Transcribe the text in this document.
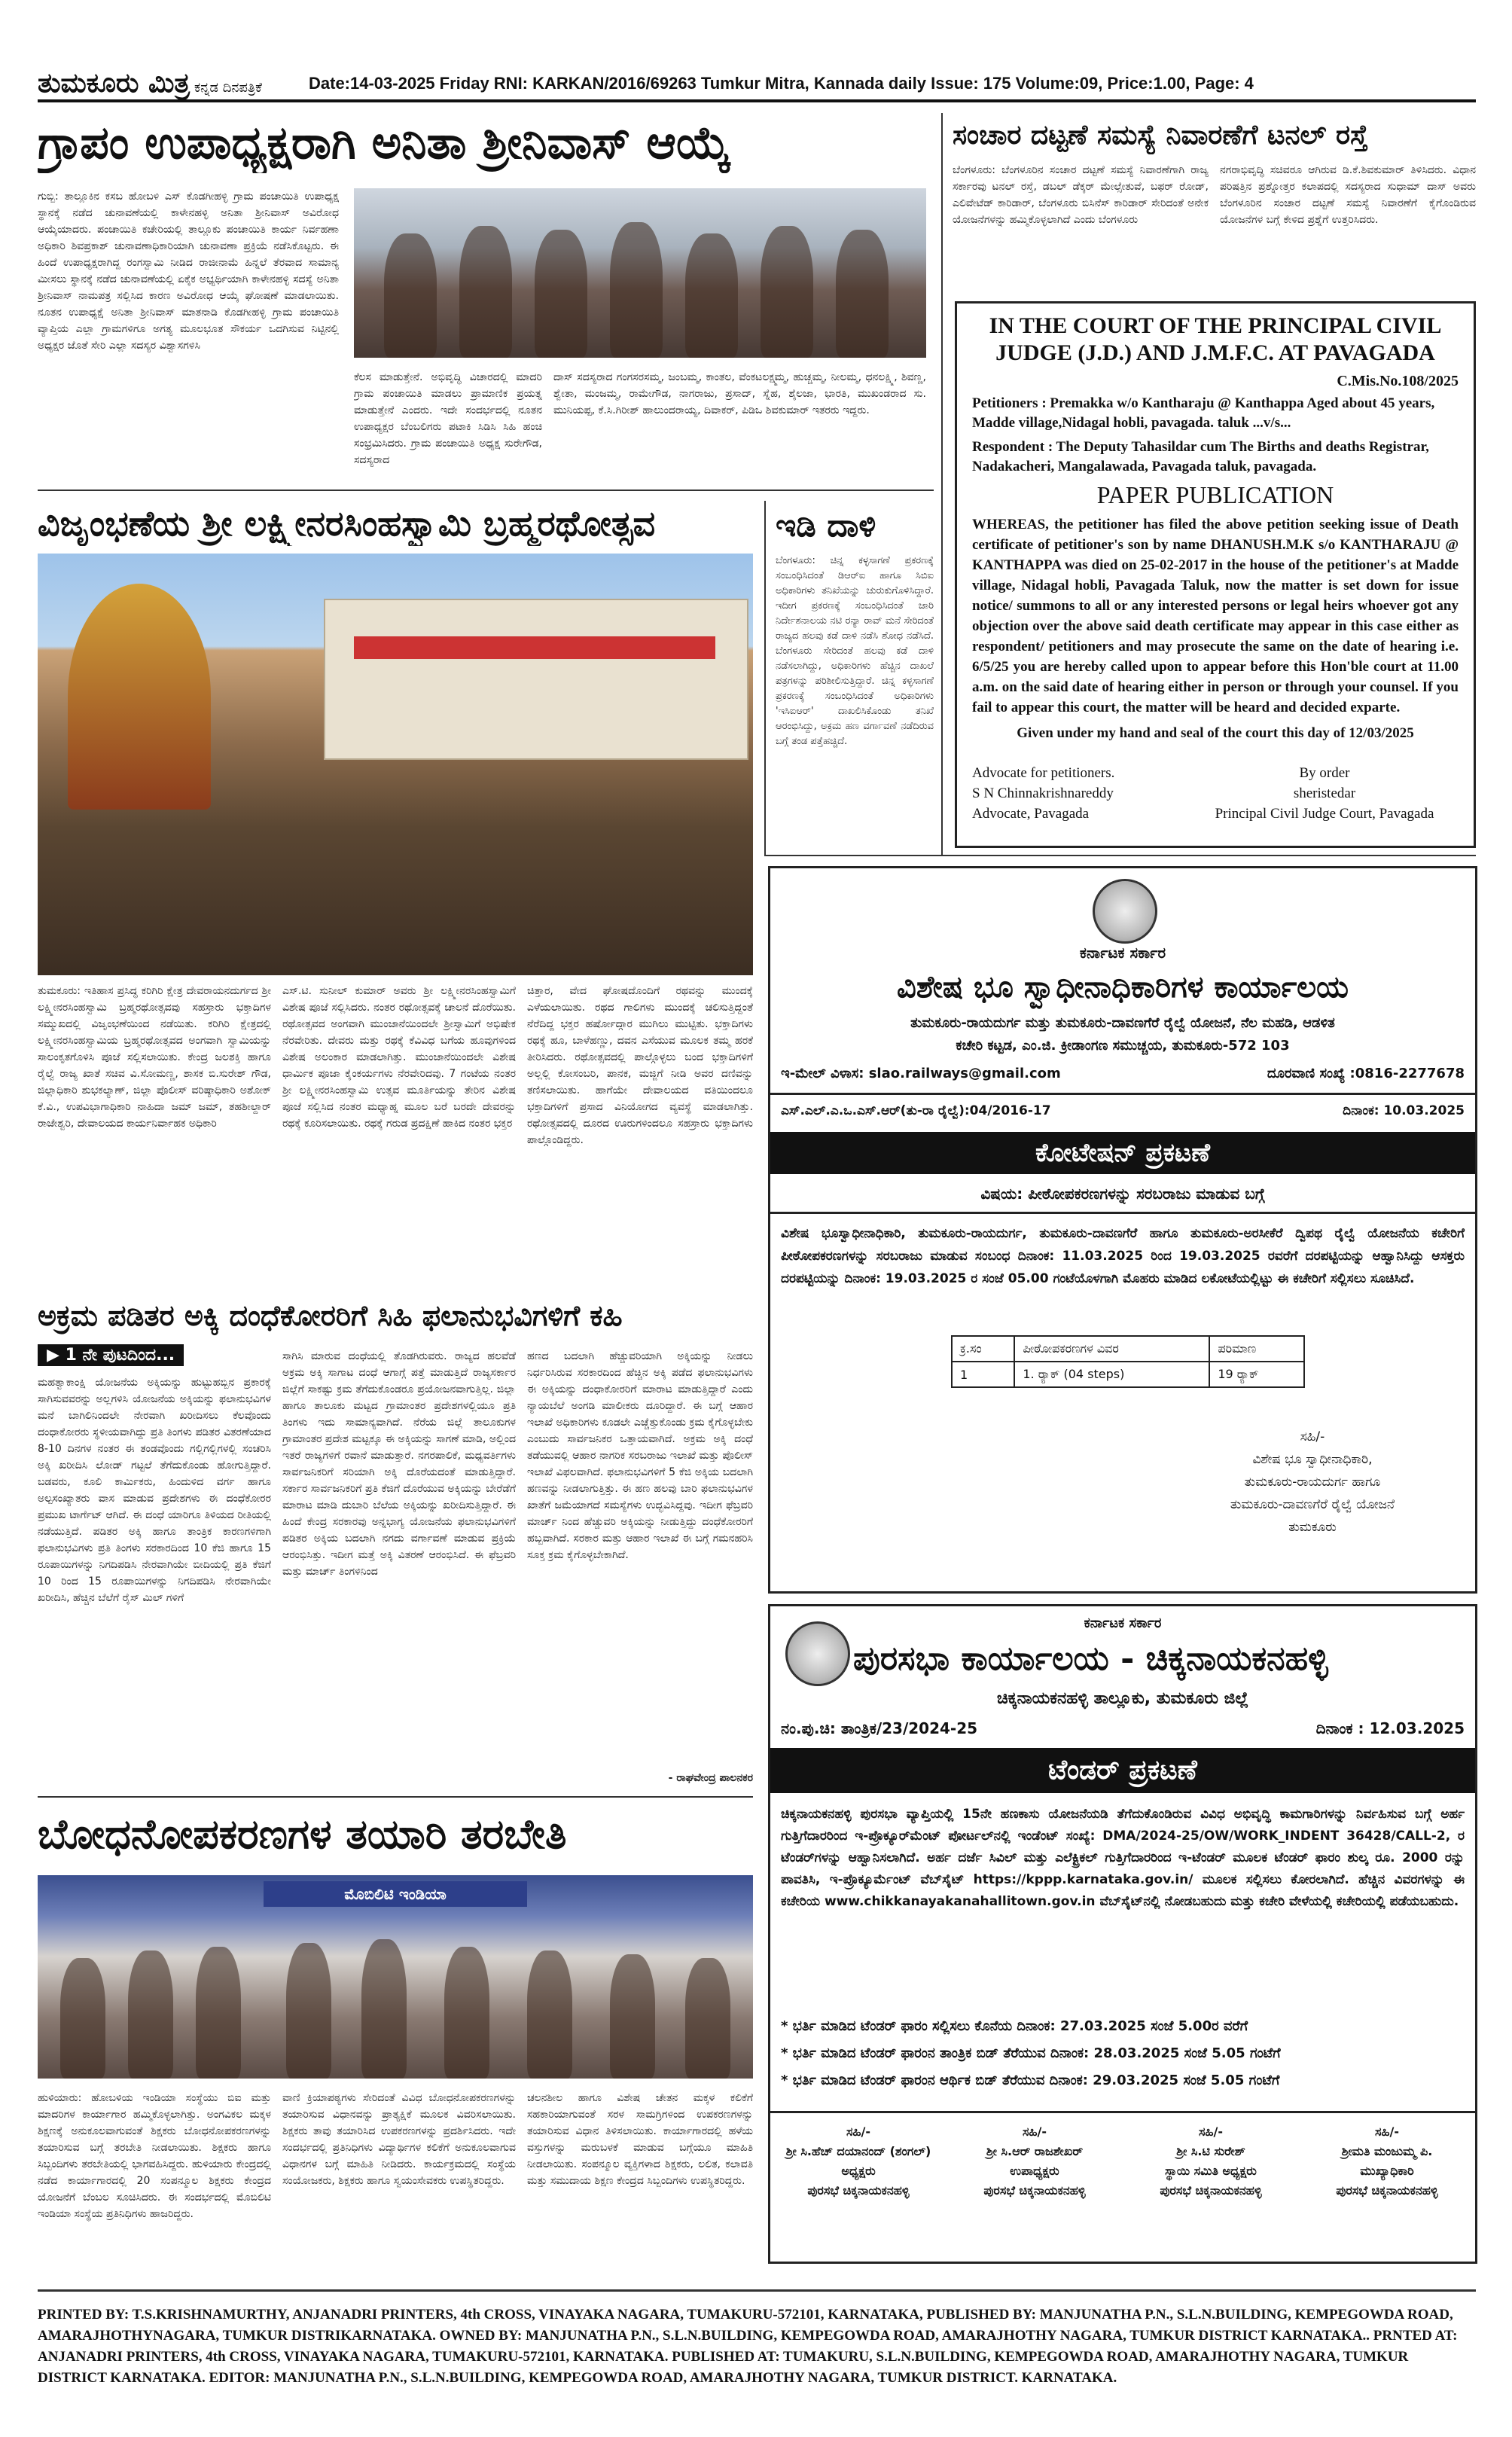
ತುಮಕೂರು ಮಿತ್ರ ಕನ್ನಡ ದಿನಪತ್ರಿಕೆ	Date:14-03-2025 Friday RNI: KARKAN/2016/69263 Tumkur Mitra, Kannada daily Issue: 175 Volume:09, Price:1.00, Page: 4
ಗ್ರಾಪಂ ಉಪಾಧ್ಯಕ್ಷರಾಗಿ ಅನಿತಾ ಶ್ರೀನಿವಾಸ್ ಆಯ್ಕೆ
ಗುಬ್ಬಿ: ತಾಲ್ಲೂಕಿನ ಕಸಬ ಹೋಬಳಿ ಎಸ್ ಕೊಡಗೀಹಳ್ಳಿ ಗ್ರಾಮ ಪಂಚಾಯಿತಿ ಉಪಾಧ್ಯಕ್ಷ ಸ್ಥಾನಕ್ಕೆ ನಡೆದ ಚುನಾವಣೆಯಲ್ಲಿ ಕಾಳೇನಹಳ್ಳಿ ಅನಿತಾ ಶ್ರೀನಿವಾಸ್ ಅವಿರೋಧ ಆಯ್ಕೆಯಾದರು. ಪಂಚಾಯಿತಿ ಕಚೇರಿಯಲ್ಲಿ ತಾಲ್ಲೂಕು ಪಂಚಾಯಿತಿ ಕಾರ್ಯ ನಿರ್ವಹಣಾ ಅಧಿಕಾರಿ ಶಿವಪ್ರಕಾಶ್ ಚುನಾವಣಾಧಿಕಾರಿಯಾಗಿ ಚುನಾವಣಾ ಪ್ರಕ್ರಿಯೆ ನಡೆಸಿಕೊಟ್ಟರು. ಈ ಹಿಂದೆ ಉಪಾಧ್ಯಕ್ಷರಾಗಿದ್ದ ರಂಗಸ್ವಾಮಿ ನೀಡಿದ ರಾಜೀನಾಮೆ ಹಿನ್ನಲೆ ತೆರವಾದ ಸಾಮಾನ್ಯ ಮೀಸಲು ಸ್ಥಾನಕ್ಕೆ ನಡೆದ ಚುನಾವಣೆಯಲ್ಲಿ ಏಕೈಕ ಅಭ್ಯರ್ಥಿಯಾಗಿ ಕಾಳೇನಹಳ್ಳಿ ಸದಸ್ಯೆ ಅನಿತಾ ಶ್ರೀನಿವಾಸ್ ನಾಮಪತ್ರ ಸಲ್ಲಿಸಿದ ಕಾರಣ ಅವಿರೋಧ ಆಯ್ಕೆ ಘೋಷಣೆ ಮಾಡಲಾಯಿತು. ನೂತನ ಉಪಾಧ್ಯಕ್ಷೆ ಅನಿತಾ ಶ್ರೀನಿವಾಸ್ ಮಾತನಾಡಿ ಕೊಡಗೀಹಳ್ಳಿ ಗ್ರಾಮ ಪಂಚಾಯಿತಿ ವ್ಯಾಪ್ತಿಯ ಎಲ್ಲಾ ಗ್ರಾಮಗಳಿಗೂ ಅಗತ್ಯ ಮೂಲಭೂತ ಸೌಕರ್ಯ ಒದಗಿಸುವ ನಿಟ್ಟಿನಲ್ಲಿ ಅಧ್ಯಕ್ಷರ ಜೊತೆ ಸೇರಿ ಎಲ್ಲಾ ಸದಸ್ಯರ ವಿಶ್ವಾಸಗಳಿಸಿ
ಕೆಲಸ ಮಾಡುತ್ತೇನೆ. ಅಭಿವೃದ್ಧಿ ವಿಚಾರದಲ್ಲಿ ಮಾದರಿ ಗ್ರಾಮ ಪಂಚಾಯಿತಿ ಮಾಡಲು ಪ್ರಾಮಾಣಿಕ ಪ್ರಯತ್ನ ಮಾಡುತ್ತೇನೆ ಎಂದರು. ಇದೇ ಸಂದರ್ಭದಲ್ಲಿ ನೂತನ ಉಪಾಧ್ಯಕ್ಷರ ಬೆಂಬಲಿಗರು ಪಟಾಕಿ ಸಿಡಿಸಿ ಸಿಹಿ ಹಂಚಿ ಸಂಭ್ರಮಿಸಿದರು. ಗ್ರಾಮ ಪಂಚಾಯಿತಿ ಅಧ್ಯಕ್ಷ ಸುರೇಗೌಡ, ಸದಸ್ಯರಾದ
ದಾಸ್ ಸದಸ್ಯರಾದ ಗಂಗಸರಸಮ್ಮ, ಜಂಬಮ್ಮ, ಕಾಂತಲ, ವೆಂಕಟಲಕ್ಷ್ಮಮ್ಮ, ಹುಚ್ಚಮ್ಮ, ನೀಲಮ್ಮ, ಧನಲಕ್ಷ್ಮಿ, ಶಿವಣ್ಣ, ಶ್ವೇತಾ, ಮಂಜಮ್ಮ, ರಾಮೇಗೌಡ, ನಾಗರಾಜು, ಪ್ರಸಾದ್, ಸ್ನೆಹ, ಶೈಲಜಾ, ಭಾರತಿ, ಮುಖಂಡರಾದ ಸು. ಮುನಿಯಪ್ಪ, ಕೆ.ಸಿ.ಗಿರೀಶ್ ಹಾಲುಂದರಾಯ್ಯ, ದಿವಾಕರ್, ಪಿಡಿಒ ಶಿವಕುಮಾರ್ ಇತರರು ಇದ್ದರು.
ಸಂಚಾರ ದಟ್ಟಣೆ ಸಮಸ್ಯೆ ನಿವಾರಣೆಗೆ ಟನಲ್ ರಸ್ತೆ
ಬೆಂಗಳೂರು: ಬೆಂಗಳೂರಿನ ಸಂಚಾರ ದಟ್ಟಣೆ ಸಮಸ್ಯೆ ನಿವಾರಣೆಗಾಗಿ ರಾಜ್ಯ ಸರ್ಕಾರವು ಟನಲ್ ರಸ್ತೆ, ಡಬಲ್ ಡೆಕ್ಕರ್ ಮೇಲ್ಸೇತುವೆ, ಬಫರ್ ರೋಡ್, ಎಲಿವೇಟೆಡ್ ಕಾರಿಡಾರ್, ಬೆಂಗಳೂರು ಬಿಸಿನೆಸ್ ಕಾರಿಡಾರ್ ಸೇರಿದಂತೆ ಅನೇಕ ಯೋಜನೆಗಳನ್ನು ಹಮ್ಮಿಕೊಳ್ಳಲಾಗಿದೆ ಎಂದು ಬೆಂಗಳೂರು
ನಗರಾಭಿವೃದ್ಧಿ ಸಚಿವರೂ ಆಗಿರುವ ಡಿ.ಕೆ.ಶಿವಕುಮಾರ್ ತಿಳಿಸಿದರು. ವಿಧಾನ ಪರಿಷತ್ತಿನ ಪ್ರಶ್ನೋತ್ತರ ಕಲಾಪದಲ್ಲಿ ಸದಸ್ಯರಾದ ಸುಧಾಮ್ ದಾಸ್ ಅವರು ಬೆಂಗಳೂರಿನ ಸಂಚಾರ ದಟ್ಟಣೆ ಸಮಸ್ಯೆ ನಿವಾರಣೆಗೆ ಕೈಗೊಂಡಿರುವ ಯೋಜನೆಗಳ ಬಗ್ಗೆ ಕೇಳಿದ ಪ್ರಶ್ನೆಗೆ ಉತ್ತರಿಸಿದರು.
IN THE COURT OF THE PRINCIPAL CIVIL JUDGE (J.D.) AND J.M.F.C. AT PAVAGADA
C.Mis.No.108/2025
Petitioners : Premakka w/o Kantharaju @ Kanthappa Aged about 45 years, Madde village,Nidagal hobli, pavagada. taluk ...v/s...
Respondent : The Deputy Tahasildar cum The Births and deaths Registrar, Nadakacheri, Mangalawada, Pavagada taluk, pavagada.
PAPER PUBLICATION
WHEREAS, the petitioner has filed the above petition seeking issue of Death certificate of petitioner's son by name DHANUSH.M.K s/o KANTHARAJU @ KANTHAPPA was died on 25-02-2017 in the house of the petitioner's at Madde village, Nidagal hobli, Pavagada Taluk, now the matter is set down for issue notice/ summons to all or any interested persons or legal heirs whoever got any objection over the above said death certificate may appear in this case either as respondent/ petitioners and may prosecute the same on the date of hearing i.e. 6/5/25 you are hereby called upon to appear before this Hon'ble court at 11.00 a.m. on the said date of hearing either in person or through your counsel. If you fail to appear this court, the matter will be heard and decided exparte.
Given under my hand and seal of the court this day of 12/03/2025
Advocate for petitioners.
S N Chinnakrishnareddy
Advocate, Pavagada
By order
sheristedar
Principal Civil Judge Court, Pavagada
ವಿಜೃಂಭಣೆಯ ಶ್ರೀ ಲಕ್ಷ್ಮೀನರಸಿಂಹಸ್ವಾಮಿ ಬ್ರಹ್ಮರಥೋತ್ಸವ
ತುಮಕೂರು: ಇತಿಹಾಸ ಪ್ರಸಿದ್ಧ ಕರಿಗಿರಿ ಕ್ಷೇತ್ರ ದೇವರಾಯನದುರ್ಗದ ಶ್ರೀ ಲಕ್ಷ್ಮೀನರಸಿಂಹಸ್ವಾಮಿ ಬ್ರಹ್ಮರಥೋತ್ಸವವು ಸಹಸ್ರಾರು ಭಕ್ತಾದಿಗಳ ಸಮ್ಮುಖದಲ್ಲಿ ವಿಜೃಂಭಣೆಯಿಂದ ನಡೆಯಿತು. ಕರಿಗಿರಿ ಕ್ಷೇತ್ರದಲ್ಲಿ ಲಕ್ಷ್ಮೀನರಸಿಂಹಸ್ವಾಮಿಯ ಬ್ರಹ್ಮರಥೋತ್ಸವದ ಅಂಗವಾಗಿ ಸ್ವಾಮಿಯನ್ನು ಸಾಲಂಕೃತಗೊಳಿಸಿ ಪೂಜೆ ಸಲ್ಲಿಸಲಾಯಿತು. ಕೇಂದ್ರ ಜಲಶಕ್ತಿ ಹಾಗೂ ರೈಲ್ವೆ ರಾಜ್ಯ ಖಾತೆ ಸಚಿವ ವಿ.ಸೋಮಣ್ಣ, ಶಾಸಕ ಬಿ.ಸುರೇಶ್ ಗೌಡ, ಜಿಲ್ಲಾಧಿಕಾರಿ ಶುಭಕಲ್ಯಾಣ್, ಜಿಲ್ಲಾ ಪೊಲೀಸ್ ವರಿಷ್ಠಾಧಿಕಾರಿ ಅಶೋಕ್ ಕೆ.ವಿ., ಉಪವಿಭಾಗಾಧಿಕಾರಿ ನಾಹಿದಾ ಜಮ್ ಜಮ್, ತಹಶೀಲ್ದಾರ್ ರಾಜೇಶ್ವರಿ, ದೇವಾಲಯದ ಕಾರ್ಯನಿರ್ವಾಹಕ ಅಧಿಕಾರಿ
ಎಸ್.ಟಿ. ಸುನೀಲ್ ಕುಮಾರ್ ಅವರು ಶ್ರೀ ಲಕ್ಷ್ಮೀನರಸಿಂಹಸ್ವಾಮಿಗೆ ವಿಶೇಷ ಪೂಜೆ ಸಲ್ಲಿಸಿದರು. ನಂತರ ರಥೋತ್ಸವಕ್ಕೆ ಚಾಲನೆ ದೊರೆಯಿತು. ರಥೋತ್ಸವದ ಅಂಗವಾಗಿ ಮುಂಜಾನೆಯಿಂದಲೇ ಶ್ರೀಸ್ವಾಮಿಗೆ ಅಭಿಷೇಕ ನೆರವೇರಿತು. ದೇವರು ಮತ್ತು ರಥಕ್ಕೆ ಕೆವಿವಿಧ ಬಗೆಯ ಹೂವುಗಳಿಂದ ವಿಶೇಷ ಅಲಂಕಾರ ಮಾಡಲಾಗಿತ್ತು. ಮುಂಜಾನೆಯಿಂದಲೇ ವಿಶೇಷ ಧಾರ್ಮಿಕ ಪೂಜಾ ಕೈಂಕರ್ಯಗಳು ನೆರವೇರಿದವು. 7 ಗಂಟೆಯ ನಂತರ ಶ್ರೀ ಲಕ್ಷ್ಮೀನರಸಿಂಹಸ್ವಾಮಿ ಉತ್ಸವ ಮೂರ್ತಿಯನ್ನು ತೇರಿನ ವಿಶೇಷ ಪೂಜೆ ಸಲ್ಲಿಸಿದ ನಂತರ ಮಧ್ಯಾಹ್ನ ಮೂಲ ಬರೆ ಬರದೇ ದೇವರನ್ನು ರಥಕ್ಕೆ ಕೂರಿಸಲಾಯಿತು. ರಥಕ್ಕೆ ಗರುಡ ಪ್ರದಕ್ಷಿಣೆ ಹಾಕಿದ ನಂತರ ಭಕ್ತರ
ಚಿತ್ತಾರ, ವೇದ ಘೋಷದೊಂದಿಗೆ ರಥವನ್ನು ಮುಂದಕ್ಕೆ ಎಳೆಯಲಾಯಿತು. ರಥದ ಗಾಲಿಗಳು ಮುಂದಕ್ಕೆ ಚಲಿಸುತ್ತಿದ್ದಂತೆ ನೆರೆದಿದ್ದ ಭಕ್ತರ ಹರ್ಷೋದ್ಗಾರ ಮುಗಿಲು ಮುಟ್ಟಿತು. ಭಕ್ತಾದಿಗಳು ರಥಕ್ಕೆ ಹೂ, ಬಾಳೆಹಣ್ಣು, ದವನ ಎಸೆಯುವ ಮೂಲಕ ತಮ್ಮ ಹರಕೆ ತೀರಿಸಿದರು. ರಥೋತ್ಸವದಲ್ಲಿ ಪಾಲ್ಗೊಳ್ಳಲು ಬಂದ ಭಕ್ತಾದಿಗಳಿಗೆ ಅಲ್ಲಲ್ಲಿ ಕೋಸಂಬರಿ, ಪಾನಕ, ಮಜ್ಜಿಗೆ ನೀಡಿ ಅವರ ದಣಿವನ್ನು ತಣಿಸಲಾಯಿತು. ಹಾಗೆಯೇ ದೇವಾಲಯದ ವತಿಯಿಂದಲೂ ಭಕ್ತಾದಿಗಳಿಗೆ ಪ್ರಸಾದ ವಿನಿಯೋಗದ ವ್ಯವಸ್ಥೆ ಮಾಡಲಾಗಿತ್ತು. ರಥೋತ್ಸವದಲ್ಲಿ ದೂರದ ಊರುಗಳಿಂದಲೂ ಸಹಸ್ರಾರು ಭಕ್ತಾದಿಗಳು ಪಾಲ್ಗೊಂಡಿದ್ದರು.
ಇಡಿ ದಾಳಿ
ಬೆಂಗಳೂರು: ಚಿನ್ನ ಕಳ್ಳಸಾಗಣೆ ಪ್ರಕರಣಕ್ಕೆ ಸಂಬಂಧಿಸಿದಂತೆ ಡಿಆರ್‌ಐ ಹಾಗೂ ಸಿಬಿಐ ಅಧಿಕಾರಿಗಳು ತನಿಖೆಯನ್ನು ಚುರುಕುಗೊಳಿಸಿದ್ದಾರೆ. ಇದೀಗ ಪ್ರಕರಣಕ್ಕೆ ಸಂಬಂಧಿಸಿದಂತೆ ಜಾರಿ ನಿರ್ದೇಶನಾಲಯ ನಟಿ ರನ್ಯಾ ರಾವ್ ಮನೆ ಸೇರಿದಂತೆ ರಾಜ್ಯದ ಹಲವು ಕಡೆ ದಾಳಿ ನಡೆಸಿ ಶೋಧ ನಡೆಸಿದೆ. ಬೆಂಗಳೂರು ಸೇರಿದಂತೆ ಹಲವು ಕಡೆ ದಾಳಿ ನಡೆಸಲಾಗಿದ್ದು, ಅಧಿಕಾರಿಗಳು ಹೆಚ್ಚಿನ ದಾಖಲೆ ಪತ್ರಗಳನ್ನು ಪರಿಶೀಲಿಸುತ್ತಿದ್ದಾರೆ. ಚಿನ್ನ ಕಳ್ಳಸಾಗಣೆ ಪ್ರಕರಣಕ್ಕೆ ಸಂಬಂಧಿಸಿದಂತೆ ಅಧಿಕಾರಿಗಳು 'ಇಸಿಐಆರ್' ದಾಖಲಿಸಿಕೊಂಡು ತನಿಖೆ ಆರಂಭಿಸಿದ್ದು, ಅಕ್ರಮ ಹಣ ವರ್ಗಾವಣೆ ನಡೆದಿರುವ ಬಗ್ಗೆ ತಂಡ ಪತ್ತೆಹಚ್ಚಿದೆ.
ಕರ್ನಾಟಕ ಸರ್ಕಾರ
ವಿಶೇಷ ಭೂ ಸ್ವಾಧೀನಾಧಿಕಾರಿಗಳ ಕಾರ್ಯಾಲಯ
ತುಮಕೂರು-ರಾಯದುರ್ಗ ಮತ್ತು ತುಮಕೂರು-ದಾವಣಗೆರೆ ರೈಲ್ವೆ ಯೋಜನೆ, ನೆಲ ಮಹಡಿ, ಆಡಳಿತ
ಕಚೇರಿ ಕಟ್ಟಡ, ಎಂ.ಜಿ. ಕ್ರೀಡಾಂಗಣ ಸಮುಚ್ಚಯ, ತುಮಕೂರು-572 103
ಇ-ಮೇಲ್ ವಿಳಾಸ: slao.railways@gmail.com	ದೂರವಾಣಿ ಸಂಖ್ಯೆ :0816-2277678
ಎಸ್.ಎಲ್.ಎ.ಒ.ಎಸ್.ಆರ್(ತು-ರಾ ರೈಲ್ವೆ):04/2016-17	ದಿನಾಂಕ: 10.03.2025
ಕೋಟೇಷನ್ ಪ್ರಕಟಣೆ
ವಿಷಯ: ಪೀಠೋಪಕರಣಗಳನ್ನು ಸರಬರಾಜು ಮಾಡುವ ಬಗ್ಗೆ
ವಿಶೇಷ ಭೂಸ್ವಾಧೀನಾಧಿಕಾರಿ, ತುಮಕೂರು-ರಾಯದುರ್ಗ, ತುಮಕೂರು-ದಾವಣಗೆರೆ ಹಾಗೂ ತುಮಕೂರು-ಅರಸೀಕೆರೆ ದ್ವಿಪಥ ರೈಲ್ವೆ ಯೋಜನೆಯ ಕಚೇರಿಗೆ ಪೀಠೋಪಕರಣಗಳನ್ನು ಸರಬರಾಜು ಮಾಡುವ ಸಂಬಂಧ ದಿನಾಂಕ: 11.03.2025 ರಿಂದ 19.03.2025 ರವರೆಗೆ ದರಪಟ್ಟಿಯನ್ನು ಆಹ್ವಾನಿಸಿದ್ದು ಆಸಕ್ತರು ದರಪಟ್ಟಿಯನ್ನು ದಿನಾಂಕ: 19.03.2025 ರ ಸಂಜೆ 05.00 ಗಂಟೆಯೊಳಗಾಗಿ ಮೊಹರು ಮಾಡಿದ ಲಕೋಟೆಯಲ್ಲಿಟ್ಟು ಈ ಕಚೇರಿಗೆ ಸಲ್ಲಿಸಲು ಸೂಚಿಸಿದೆ.
ಕ್ರ.ಸಂ	ಪೀಠೋಪಕರಣಗಳ ವಿವರ	ಪರಿಮಾಣ
1	1. ರ್‍ಯಾಕ್ (04 steps)	19 ರ್‍ಯಾಕ್
ಸಹಿ/-
ವಿಶೇಷ ಭೂ ಸ್ವಾಧೀನಾಧಿಕಾರಿ,
ತುಮಕೂರು-ರಾಯದುರ್ಗ ಹಾಗೂ
ತುಮಕೂರು-ದಾವಣಗೆರೆ ರೈಲ್ವೆ ಯೋಜನೆ
ತುಮಕೂರು
ಅಕ್ರಮ ಪಡಿತರ ಅಕ್ಕಿ ದಂಧೆಕೋರರಿಗೆ ಸಿಹಿ ಫಲಾನುಭವಿಗಳಿಗೆ ಕಹಿ
▶ 1 ನೇ ಪುಟದಿಂದ...
ಮಹತ್ವಾಕಾಂಕ್ಷಿ ಯೋಜನೆಯ ಅಕ್ಕಿಯನ್ನು ಹುಟ್ಟುಹಬ್ಬಿನ ಪ್ರಕಾರಕ್ಕೆ ಸಾಗಿಸುವವರನ್ನು ಅಲ್ಲಗಳಿಸಿ ಯೋಜನೆಯ ಅಕ್ಕಿಯನ್ನು ಫಲಾನುಭವಿಗಳ ಮನೆ ಬಾಗಿಲಿನಿಂದಲೇ ನೇರವಾಗಿ ಖರೀದಿಸಲು ಕೆಲವೊಂದು ದಂಧಾಕೋರರು ಸ್ಥಳೀಯವಾಗಿದ್ದು ಪ್ರತಿ ತಿಂಗಳು ಪಡಿತರ ವಿತರಣೆಯಾದ 8-10 ದಿನಗಳ ನಂತರ ಈ ತಂಡವೊಂದು ಗಲ್ಲಿಗಲ್ಲಿಗಳಲ್ಲಿ ಸಂಚರಿಸಿ ಅಕ್ಕಿ ಖರೀದಿಸಿ ಲೋಡ್ ಗಟ್ಟಲೆ ತೆಗೆದುಕೊಂಡು ಹೋಗುತ್ತಿದ್ದಾರೆ. ಬಡವರು, ಕೂಲಿ ಕಾರ್ಮಿಕರು, ಹಿಂದುಳಿದ ವರ್ಗ ಹಾಗೂ ಅಲ್ಪಸಂಖ್ಯಾತರು ವಾಸ ಮಾಡುವ ಪ್ರದೇಶಗಳು ಈ ದಂಧೆಕೋರರ ಪ್ರಮುಖ ಟಾರ್ಗೆಟ್ ಆಗಿದೆ. ಈ ದಂಧೆ ಯಾರಿಗೂ ತಿಳಿಯದ ರೀತಿಯಲ್ಲಿ ನಡೆಯುತ್ತಿದೆ. ಪಡಿತರ ಅಕ್ಕಿ ಹಾಗೂ ತಾಂತ್ರಿಕ ಕಾರಣಗಳಿಗಾಗಿ ಫಲಾನುಭವಿಗಳು ಪ್ರತಿ ತಿಂಗಳು ಸರಕಾರದಿಂದ 10 ಕೆಜಿ ಹಾಗೂ 15 ರೂಪಾಯಿಗಳನ್ನು ನಿಗದಿಪಡಿಸಿ ನೇರವಾಗಿಯೇ ಬೀದಿಯಲ್ಲಿ ಪ್ರತಿ ಕೆಜಿಗೆ 10 ರಿಂದ 15 ರೂಪಾಯಿಗಳನ್ನು ನಿಗದಿಪಡಿಸಿ ನೇರವಾಗಿಯೇ ಖರೀದಿಸಿ, ಹೆಚ್ಚಿನ ಬೆಲೆಗೆ ರೈಸ್ ಮಿಲ್ ಗಳಿಗೆ
ಸಾಗಿಸಿ ಮಾರುವ ದಂಧೆಯಲ್ಲಿ ತೊಡಗಿರುವರು. ರಾಜ್ಯದ ಹಲವೆಡೆ ಅಕ್ರಮ ಅಕ್ಕಿ ಸಾಗಾಟ ದಂಧೆ ಆಗಾಗ್ಗೆ ಪತ್ತೆ ಮಾಡುತ್ತಿದೆ ರಾಜ್ಯಸರ್ಕಾರ ಜಿಲ್ಲೆಗೆ ಸಾಕಷ್ಟು ಕ್ರಮ ತೆಗೆದುಕೊಂಡರೂ ಪ್ರಯೋಜನವಾಗುತ್ತಿಲ್ಲ. ಜಿಲ್ಲಾ ಹಾಗೂ ತಾಲೂಕು ಮಟ್ಟದ ಗ್ರಾಮಾಂತರ ಪ್ರದೇಶಗಳಲ್ಲಿಯೂ ಪ್ರತಿ ತಿಂಗಳು ಇದು ಸಾಮಾನ್ಯವಾಗಿದೆ. ನೆರೆಯ ಜಿಲ್ಲೆ ತಾಲೂಕುಗಳ ಗ್ರಾಮಾಂತರ ಪ್ರದೇಶ ಮಟ್ಟಕ್ಕೂ ಈ ಅಕ್ಕಿಯನ್ನು ಸಾಗಣೆ ಮಾಡಿ, ಅಲ್ಲಿಂದ ಇತರೆ ರಾಜ್ಯಗಳಿಗೆ ರವಾನೆ ಮಾಡುತ್ತಾರೆ. ನಗರಪಾಲಿಕೆ, ಮಧ್ಯವರ್ತಿಗಳು ಸಾರ್ವಜನಿಕರಿಗೆ ಸರಿಯಾಗಿ ಅಕ್ಕಿ ದೊರೆಯದಂತೆ ಮಾಡುತ್ತಿದ್ದಾರೆ. ಸರ್ಕಾರ ಸಾರ್ವಜನಿಕರಿಗೆ ಪ್ರತಿ ಕೆಜಿಗೆ ದೊರೆಯುವ ಅಕ್ಕಿಯನ್ನು ಬೇರೆಡೆಗೆ ಮಾರಾಟ ಮಾಡಿ ದುಬಾರಿ ಬೆಲೆಯ ಅಕ್ಕಿಯನ್ನು ಖರೀದಿಸುತ್ತಿದ್ದಾರೆ. ಈ ಹಿಂದೆ ಕೇಂದ್ರ ಸರಕಾರವು ಅನ್ನಭಾಗ್ಯ ಯೋಜನೆಯ ಫಲಾನುಭವಿಗಳಿಗೆ ಪಡಿತರ ಅಕ್ಕಿಯ ಬದಲಾಗಿ ನಗದು ವರ್ಗಾವಣೆ ಮಾಡುವ ಪ್ರಕ್ರಿಯೆ ಆರಂಭಿಸಿತ್ತು. ಇದೀಗ ಮತ್ತೆ ಅಕ್ಕಿ ವಿತರಣೆ ಆರಂಭಿಸಿದೆ. ಈ ಫೆಬ್ರವರಿ ಮತ್ತು ಮಾರ್ಚ್ ತಿಂಗಳಿನಿಂದ
ಹಣದ ಬದಲಾಗಿ ಹೆಚ್ಚುವರಿಯಾಗಿ ಅಕ್ಕಿಯನ್ನು ನೀಡಲು ನಿರ್ಧರಿಸಿರುವ ಸರಕಾರದಿಂದ ಹೆಚ್ಚಿನ ಅಕ್ಕಿ ಪಡೆದ ಫಲಾನುಭವಿಗಳು ಈ ಅಕ್ಕಿಯನ್ನು ದಂಧಾಕೋರರಿಗೆ ಮಾರಾಟ ಮಾಡುತ್ತಿದ್ದಾರೆ ಎಂದು ನ್ಯಾಯಬೆಲೆ ಅಂಗಡಿ ಮಾಲೀಕರು ದೂರಿದ್ದಾರೆ. ಈ ಬಗ್ಗೆ ಆಹಾರ ಇಲಾಖೆ ಅಧಿಕಾರಿಗಳು ಕೂಡಲೇ ಎಚ್ಚೆತ್ತುಕೊಂಡು ಕ್ರಮ ಕೈಗೊಳ್ಳಬೇಕು ಎಂಬುದು ಸಾರ್ವಜನಿಕರ ಒತ್ತಾಯವಾಗಿದೆ. ಅಕ್ರಮ ಅಕ್ಕಿ ದಂಧೆ ತಡೆಯುವಲ್ಲಿ ಆಹಾರ ನಾಗರಿಕ ಸರಬರಾಜು ಇಲಾಖೆ ಮತ್ತು ಪೊಲೀಸ್ ಇಲಾಖೆ ವಿಫಲವಾಗಿದೆ. ಫಲಾನುಭವಿಗಳಿಗೆ 5 ಕೆಜಿ ಅಕ್ಕಿಯ ಬದಲಾಗಿ ಹಣವನ್ನು ನೀಡಲಾಗುತ್ತಿತ್ತು. ಈ ಹಣ ಹಲವು ಬಾರಿ ಫಲಾನುಭವಿಗಳ ಖಾತೆಗೆ ಜಮೆಯಾಗದೆ ಸಮಸ್ಯೆಗಳು ಉದ್ಭವಿಸಿದ್ದವು. ಇದೀಗ ಫೆಬ್ರವರಿ ಮಾರ್ಚ್ ನಿಂದ ಹೆಚ್ಚುವರಿ ಅಕ್ಕಿಯನ್ನು ನೀಡುತ್ತಿದ್ದು ದಂಧೆಕೋರರಿಗೆ ಹಬ್ಬವಾಗಿದೆ. ಸರಕಾರ ಮತ್ತು ಆಹಾರ ಇಲಾಖೆ ಈ ಬಗ್ಗೆ ಗಮನಹರಿಸಿ ಸೂಕ್ತ ಕ್ರಮ ಕೈಗೊಳ್ಳಬೇಕಾಗಿದೆ.
- ರಾಘವೇಂದ್ರ ಪಾಲನಕರ
ಕರ್ನಾಟಕ ಸರ್ಕಾರ
ಪುರಸಭಾ ಕಾರ್ಯಾಲಯ - ಚಿಕ್ಕನಾಯಕನಹಳ್ಳಿ
ಚಿಕ್ಕನಾಯಕನಹಳ್ಳಿ ತಾಲ್ಲೂಕು, ತುಮಕೂರು ಜಿಲ್ಲೆ
ನಂ.ಪು.ಚಿ: ತಾಂತ್ರಿಕ/23/2024-25	ದಿನಾಂಕ : 12.03.2025
ಟೆಂಡರ್ ಪ್ರಕಟಣೆ
ಚಿಕ್ಕನಾಯಕನಹಳ್ಳಿ ಪುರಸಭಾ ವ್ಯಾಪ್ತಿಯಲ್ಲಿ 15ನೇ ಹಣಕಾಸು ಯೋಜನೆಯಡಿ ತೆಗೆದುಕೊಂಡಿರುವ ವಿವಿಧ ಅಭಿವೃದ್ಧಿ ಕಾಮಗಾರಿಗಳನ್ನು ನಿರ್ವಹಿಸುವ ಬಗ್ಗೆ ಅರ್ಹ ಗುತ್ತಿಗೆದಾರರಿಂದ ಇ-ಪ್ರೊಕ್ಯೂರ್‌ಮೆಂಟ್ ಪೋರ್ಟಲ್‌ನಲ್ಲಿ ಇಂಡೆಂಟ್ ಸಂಖ್ಯೆ: DMA/2024-25/OW/WORK_INDENT 36428/CALL-2, ರ ಟೆಂಡರ್‌ಗಳನ್ನು ಆಹ್ವಾನಿಸಲಾಗಿದೆ. ಅರ್ಹ ದರ್ಜೆ ಸಿವಿಲ್ ಮತ್ತು ಎಲೆಕ್ಟ್ರಿಕಲ್ ಗುತ್ತಿಗೆದಾರರಿಂದ ಇ-ಟೆಂಡರ್ ಮೂಲಕ ಟೆಂಡರ್ ಫಾರಂ ಶುಲ್ಕ ರೂ. 2000 ರನ್ನು ಪಾವತಿಸಿ, ಇ-ಪ್ರೊಕ್ಯೂರ್ಮೆಂಟ್ ವೆಬ್‌ಸೈಟ್ https://kppp.karnataka.gov.in/ ಮೂಲಕ ಸಲ್ಲಿಸಲು ಕೋರಲಾಗಿದೆ. ಹೆಚ್ಚಿನ ವಿವರಗಳನ್ನು ಈ ಕಚೇರಿಯ www.chikkanayakanahallitown.gov.in ವೆಬ್‌ಸೈಟ್‌ನಲ್ಲಿ ನೋಡಬಹುದು ಮತ್ತು ಕಚೇರಿ ವೇಳೆಯಲ್ಲಿ ಕಚೇರಿಯಲ್ಲಿ ಪಡೆಯಬಹುದು.
* ಭರ್ತಿ ಮಾಡಿದ ಟೆಂಡರ್ ಫಾರಂ ಸಲ್ಲಿಸಲು ಕೊನೆಯ ದಿನಾಂಕ: 27.03.2025 ಸಂಜೆ 5.00ರ ವರೆಗೆ
* ಭರ್ತಿ ಮಾಡಿದ ಟೆಂಡರ್ ಫಾರಂನ ತಾಂತ್ರಿಕ ಬಿಡ್ ತೆರೆಯುವ ದಿನಾಂಕ: 28.03.2025 ಸಂಜೆ 5.05 ಗಂಟೆಗೆ
* ಭರ್ತಿ ಮಾಡಿದ ಟೆಂಡರ್ ಫಾರಂನ ಆರ್ಥಿಕ ಬಿಡ್ ತೆರೆಯುವ ದಿನಾಂಕ: 29.03.2025 ಸಂಜೆ 5.05 ಗಂಟೆಗೆ
ಸಹಿ/-
ಶ್ರೀ ಸಿ.ಹೆಚ್ ದಯಾನಂದ್ (ಶಂಗಲ್)
ಅಧ್ಯಕ್ಷರು
ಪುರಸಭೆ ಚಿಕ್ಕನಾಯಕನಹಳ್ಳಿ
ಸಹಿ/-
ಶ್ರೀ ಸಿ.ಆರ್ ರಾಜಶೇಖರ್
ಉಪಾಧ್ಯಕ್ಷರು
ಪುರಸಭೆ ಚಿಕ್ಕನಾಯಕನಹಳ್ಳಿ
ಸಹಿ/-
ಶ್ರೀ ಸಿ.ಟಿ ಸುರೇಶ್
ಸ್ಥಾಯಿ ಸಮಿತಿ ಅಧ್ಯಕ್ಷರು
ಪುರಸಭೆ ಚಿಕ್ಕನಾಯಕನಹಳ್ಳಿ
ಸಹಿ/-
ಶ್ರೀಮತಿ ಮಂಜುಮ್ಮ ಪಿ.
ಮುಖ್ಯಾಧಿಕಾರಿ
ಪುರಸಭೆ ಚಿಕ್ಕನಾಯಕನಹಳ್ಳಿ
ಬೋಧನೋಪಕರಣಗಳ ತಯಾರಿ ತರಬೇತಿ
ಮೊಬಿಲಿಟಿ ಇಂಡಿಯಾ
ಹುಳಿಯಾರು: ಹೋಬಳಿಯ ಇಂಡಿಯಾ ಸಂಸ್ಥೆಯು ಬಿಐ ಮತ್ತು ಮಾದರಿಗಳ ಕಾರ್ಯಾಗಾರ ಹಮ್ಮಿಕೊಳ್ಳಲಾಗಿತ್ತು. ಅಂಗವಿಕಲ ಮಕ್ಕಳ ಶಿಕ್ಷಣಕ್ಕೆ ಅನುಕೂಲವಾಗುವಂತೆ ಶಿಕ್ಷಕರು ಬೋಧನೋಪಕರಣಗಳನ್ನು ತಯಾರಿಸುವ ಬಗ್ಗೆ ತರಬೇತಿ ನೀಡಲಾಯಿತು. ಶಿಕ್ಷಕರು ಹಾಗೂ ಸಿಬ್ಬಂದಿಗಳು ತರಬೇತಿಯಲ್ಲಿ ಭಾಗವಹಿಸಿದ್ದರು. ಹುಳಿಯಾರು ಕೇಂದ್ರದಲ್ಲಿ ನಡೆದ ಕಾರ್ಯಾಗಾರದಲ್ಲಿ 20 ಸಂಪನ್ಮೂಲ ಶಿಕ್ಷಕರು ಕೇಂದ್ರದ ಯೋಜನೆಗೆ ಬೆಂಬಲ ಸೂಚಿಸಿದರು. ಈ ಸಂದರ್ಭದಲ್ಲಿ ಮೊಬಿಲಿಟಿ ಇಂಡಿಯಾ ಸಂಸ್ಥೆಯ ಪ್ರತಿನಿಧಿಗಳು ಹಾಜರಿದ್ದರು.
ವಾಣಿ ಕ್ರಿಯಾಪಠ್ಯಗಳು ಸೇರಿದಂತೆ ವಿವಿಧ ಬೋಧನೋಪಕರಣಗಳನ್ನು ತಯಾರಿಸುವ ವಿಧಾನವನ್ನು ಪ್ರಾತ್ಯಕ್ಷಿಕೆ ಮೂಲಕ ವಿವರಿಸಲಾಯಿತು. ಶಿಕ್ಷಕರು ತಾವು ತಯಾರಿಸಿದ ಉಪಕರಣಗಳನ್ನು ಪ್ರದರ್ಶಿಸಿದರು. ಇದೇ ಸಂದರ್ಭದಲ್ಲಿ ಪ್ರತಿನಿಧಿಗಳು ವಿದ್ಯಾರ್ಥಿಗಳ ಕಲಿಕೆಗೆ ಅನುಕೂಲವಾಗುವ ವಿಧಾನಗಳ ಬಗ್ಗೆ ಮಾಹಿತಿ ನೀಡಿದರು. ಕಾರ್ಯಕ್ರಮದಲ್ಲಿ ಸಂಸ್ಥೆಯ ಸಂಯೋಜಕರು, ಶಿಕ್ಷಕರು ಹಾಗೂ ಸ್ವಯಂಸೇವಕರು ಉಪಸ್ಥಿತರಿದ್ದರು.
ಚಲನಶೀಲ ಹಾಗೂ ವಿಶೇಷ ಚೇತನ ಮಕ್ಕಳ ಕಲಿಕೆಗೆ ಸಹಕಾರಿಯಾಗುವಂತೆ ಸರಳ ಸಾಮಗ್ರಿಗಳಿಂದ ಉಪಕರಣಗಳನ್ನು ತಯಾರಿಸುವ ವಿಧಾನ ತಿಳಿಸಲಾಯಿತು. ಕಾರ್ಯಾಗಾರದಲ್ಲಿ ಹಳೆಯ ವಸ್ತುಗಳನ್ನು ಮರುಬಳಕೆ ಮಾಡುವ ಬಗ್ಗೆಯೂ ಮಾಹಿತಿ ನೀಡಲಾಯಿತು. ಸಂಪನ್ಮೂಲ ವ್ಯಕ್ತಿಗಳಾದ ಶಿಕ್ಷಕರು, ಲಲಿತ, ಕಲಾವತಿ ಮತ್ತು ಸಮುದಾಯ ಶಿಕ್ಷಣ ಕೇಂದ್ರದ ಸಿಬ್ಬಂದಿಗಳು ಉಪಸ್ಥಿತರಿದ್ದರು.
PRINTED BY: T.S.KRISHNAMURTHY, ANJANADRI PRINTERS, 4th CROSS, VINAYAKA NAGARA, TUMAKURU-572101, KARNATAKA, PUBLISHED BY: MANJUNATHA P.N., S.L.N.BUILDING, KEMPEGOWDA ROAD, AMARAJHOTHYNAGARA, TUMKUR DISTRIKARNATAKA. OWNED BY: MANJUNATHA P.N., S.L.N.BUILDING, KEMPEGOWDA ROAD, AMARAJHOTHY NAGARA, TUMKUR DISTRICT KARNATAKA.. PRNTED AT: ANJANADRI PRINTERS, 4th CROSS, VINAYAKA NAGARA, TUMAKURU-572101, KARNATAKA. PUBLISHED AT: TUMAKURU, S.L.N.BUILDING, KEMPEGOWDA ROAD, AMARAJHOTHY NAGARA, TUMKUR DISTRICT KARNATAKA. EDITOR: MANJUNATHA P.N., S.L.N.BUILDING, KEMPEGOWDA ROAD, AMARAJHOTHY NAGARA, TUMKUR DISTRICT. KARNATAKA.
